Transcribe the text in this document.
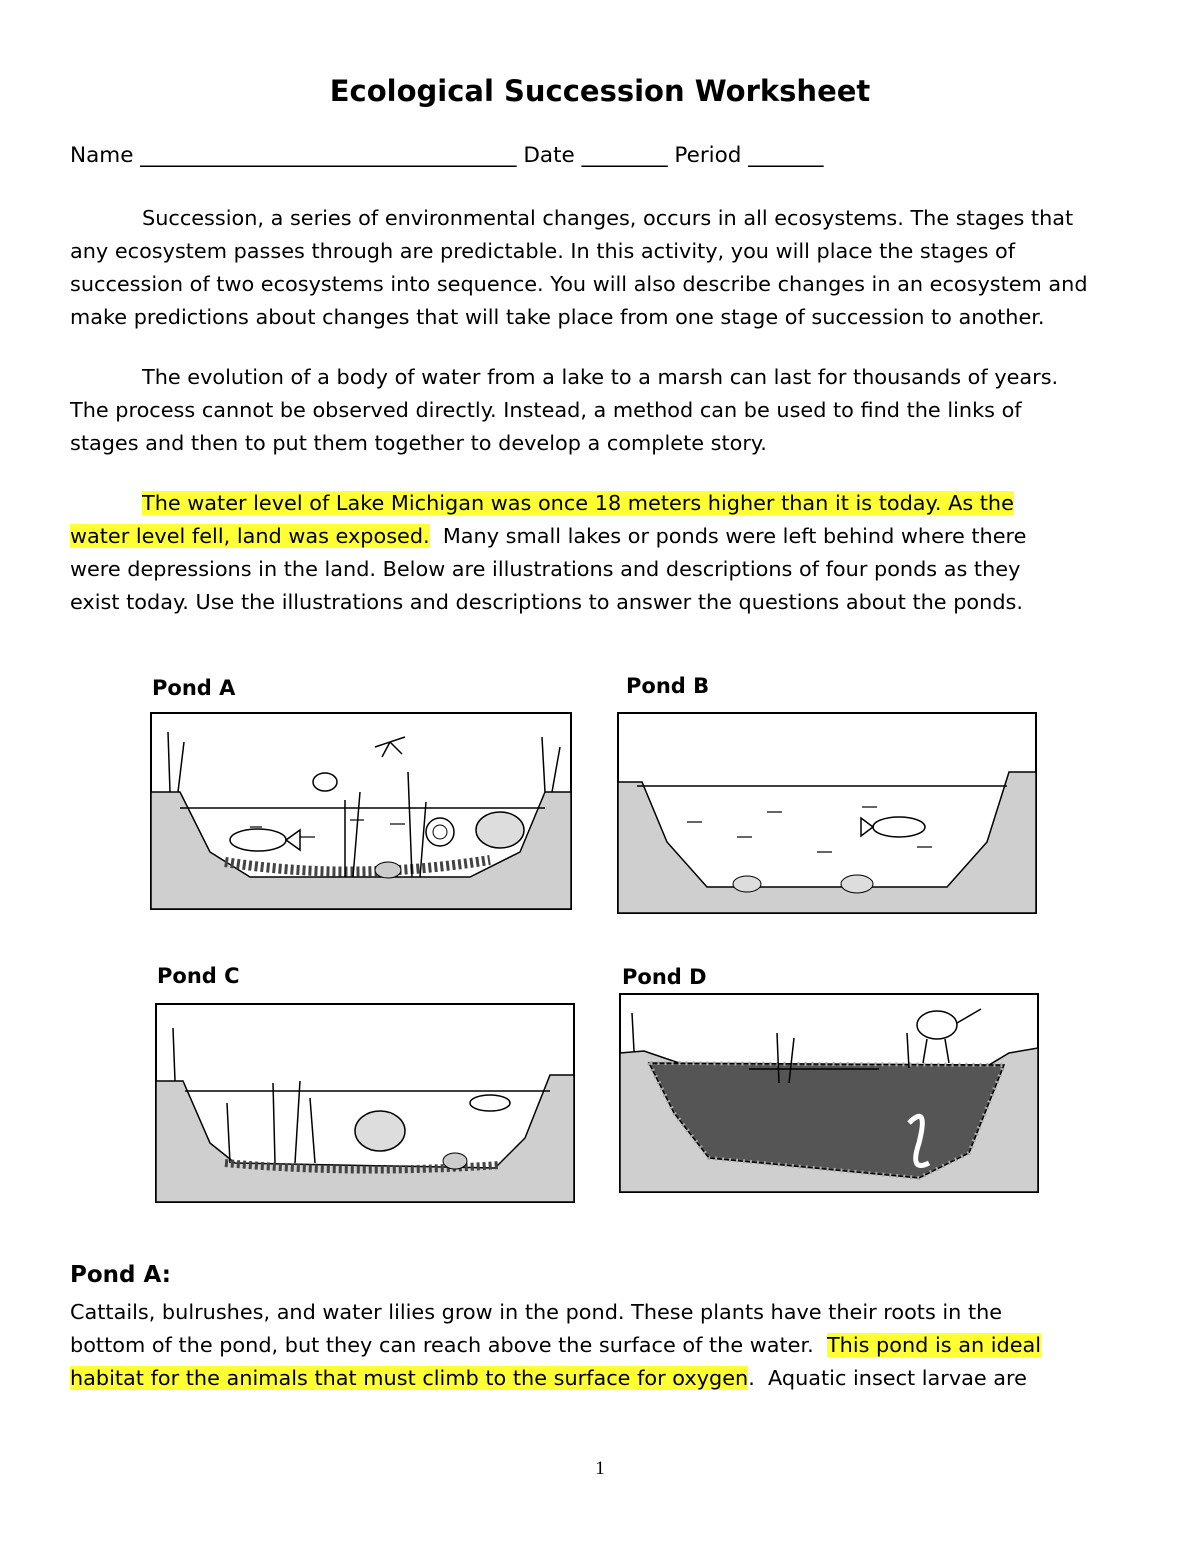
Ecological Succession Worksheet
Name ___________________________________ Date ________ Period _______
Succession, a series of environmental changes, occurs in all ecosystems. The stages that
any ecosystem passes through are predictable. In this activity, you will place the stages of
succession of two ecosystems into sequence. You will also describe changes in an ecosystem and
make predictions about changes that will take place from one stage of succession to another.
The evolution of a body of water from a lake to a marsh can last for thousands of years.
The process cannot be observed directly. Instead, a method can be used to find the links of
stages and then to put them together to develop a complete story.
The water level of Lake Michigan was once 18 meters higher than it is today. As the
water level fell, land was exposed.  Many small lakes or ponds were left behind where there
were depressions in the land. Below are illustrations and descriptions of four ponds as they
exist today. Use the illustrations and descriptions to answer the questions about the ponds.
Pond A	Pond B
Pond C	Pond D
Pond A:
Cattails, bulrushes, and water lilies grow in the pond. These plants have their roots in the
bottom of the pond, but they can reach above the surface of the water.  This pond is an ideal
habitat for the animals that must climb to the surface for oxygen.  Aquatic insect larvae are
1
